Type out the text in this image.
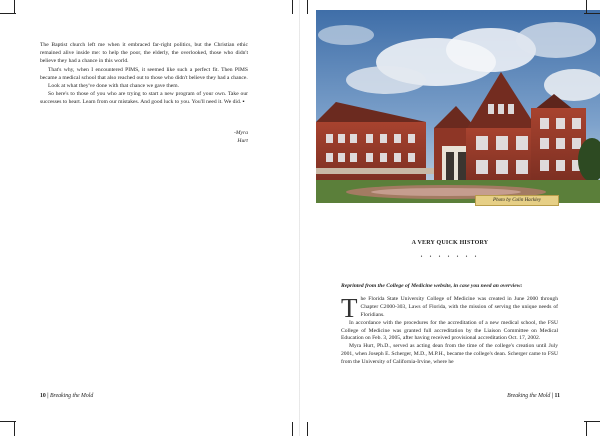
The Baptist church left me when it embraced far-right politics, but the Christian ethic remained alive inside me: to help the poor, the elderly, the overlooked, those who didn't believe they had a chance in this world.

That's why, when I encountered PIMS, it seemed like such a perfect fit. Then PIMS became a medical school that also reached out to those who didn't believe they had a chance.

Look at what they've done with that chance we gave them.

So here's to those of you who are trying to start a new program of your own. Take our successes to heart. Learn from our mistakes. And good luck to you. You'll need it. We did. ▪

-Myra
Hurt
10 | Breaking the Mold
Photo by Colin Hackley
A VERY QUICK HISTORY
• • • • • • •

Reprinted from the College of Medicine website, in case you need an overview:

The Florida State University College of Medicine was created in June 2000 through Chapter C2000-303, Laws of Florida, with the mission of serving the unique needs of Floridians.

In accordance with the procedures for the accreditation of a new medical school, the FSU College of Medicine was granted full accreditation by the Liaison Committee on Medical Education on Feb. 3, 2005, after having received provisional accreditation Oct. 17, 2002.

Myra Hurt, Ph.D., served as acting dean from the time of the college's creation until July 2001, when Joseph E. Scherger, M.D., M.P.H., became the college's dean. Scherger came to FSU from the University of California-Irvine, where he

Breaking the Mold | 11
